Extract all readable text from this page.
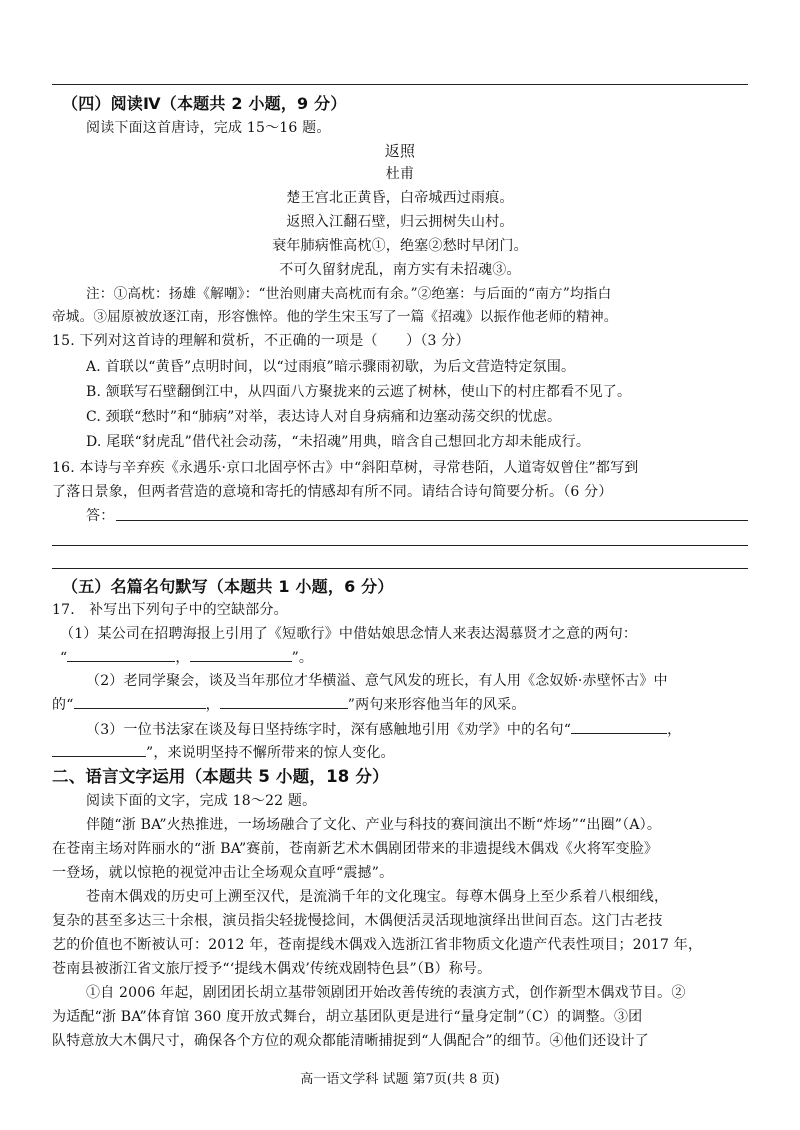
（四）阅读Ⅳ（本题共 2 小题，9 分）
阅读下面这首唐诗，完成 15～16 题。
返照
杜甫
楚王宫北正黄昏，白帝城西过雨痕。
返照入江翻石壁，归云拥树失山村。
衰年肺病惟高枕①，绝塞②愁时早闭门。
不可久留豺虎乱，南方实有未招魂③。
注：①高枕：扬雄《解嘲》：“世治则庸夫高枕而有余。”②绝塞：与后面的“南方”均指白
帝城。③屈原被放逐江南，形容憔悴。他的学生宋玉写了一篇《招魂》以振作他老师的精神。
15. 下列对这首诗的理解和赏析，不正确的一项是（　　）（3 分）
A. 首联以“黄昏”点明时间，以“过雨痕”暗示骤雨初歇，为后文营造特定氛围。
B. 颔联写石壁翻倒江中，从四面八方聚拢来的云遮了树林，使山下的村庄都看不见了。
C. 颈联“愁时”和“肺病”对举，表达诗人对自身病痛和边塞动荡交织的忧虑。
D. 尾联“豺虎乱”借代社会动荡，“未招魂”用典，暗含自己想回北方却未能成行。
16. 本诗与辛弃疾《永遇乐·京口北固亭怀古》中“斜阳草树，寻常巷陌，人道寄奴曾住”都写到
了落日景象，但两者营造的意境和寄托的情感却有所不同。请结合诗句简要分析。（6 分）
答：
（五）名篇名句默写（本题共 1 小题，6 分）
17.　补写出下列句子中的空缺部分。
（1）某公司在招聘海报上引用了《短歌行》中借姑娘思念情人来表达渴慕贤才之意的两句：
“	，	”。
（2）老同学聚会，谈及当年那位才华横溢、意气风发的班长，有人用《念奴娇·赤壁怀古》中
的“	，	”两句来形容他当年的风采。
（3）一位书法家在谈及每日坚持练字时，深有感触地引用《劝学》中的名句“	，
”，来说明坚持不懈所带来的惊人变化。
二、语言文字运用（本题共 5 小题，18 分）
阅读下面的文字，完成 18～22 题。
伴随“浙 BA”火热推进，一场场融合了文化、产业与科技的赛间演出不断“炸场”“出圈”（A）。
在苍南主场对阵丽水的“浙 BA”赛前，苍南新艺术木偶剧团带来的非遗提线木偶戏《火将军变脸》
一登场，就以惊艳的视觉冲击让全场观众直呼“震撼”。
苍南木偶戏的历史可上溯至汉代，是流淌千年的文化瑰宝。每尊木偶身上至少系着八根细线，
复杂的甚至多达三十余根，演员指尖轻拢慢捻间，木偶便活灵活现地演绎出世间百态。这门古老技
艺的价值也不断被认可：2012 年，苍南提线木偶戏入选浙江省非物质文化遗产代表性项目；2017 年，
苍南县被浙江省文旅厅授予“‘提线木偶戏’传统戏剧特色县”（B）称号。
①自 2006 年起，剧团团长胡立基带领剧团开始改善传统的表演方式，创作新型木偶戏节目。②
为适配“浙 BA”体育馆 360 度开放式舞台，胡立基团队更是进行“量身定制”（C）的调整。③团
队特意放大木偶尺寸，确保各个方位的观众都能清晰捕捉到“人偶配合”的细节。④他们还设计了
高一语文学科 试题 第7页(共 8 页)
